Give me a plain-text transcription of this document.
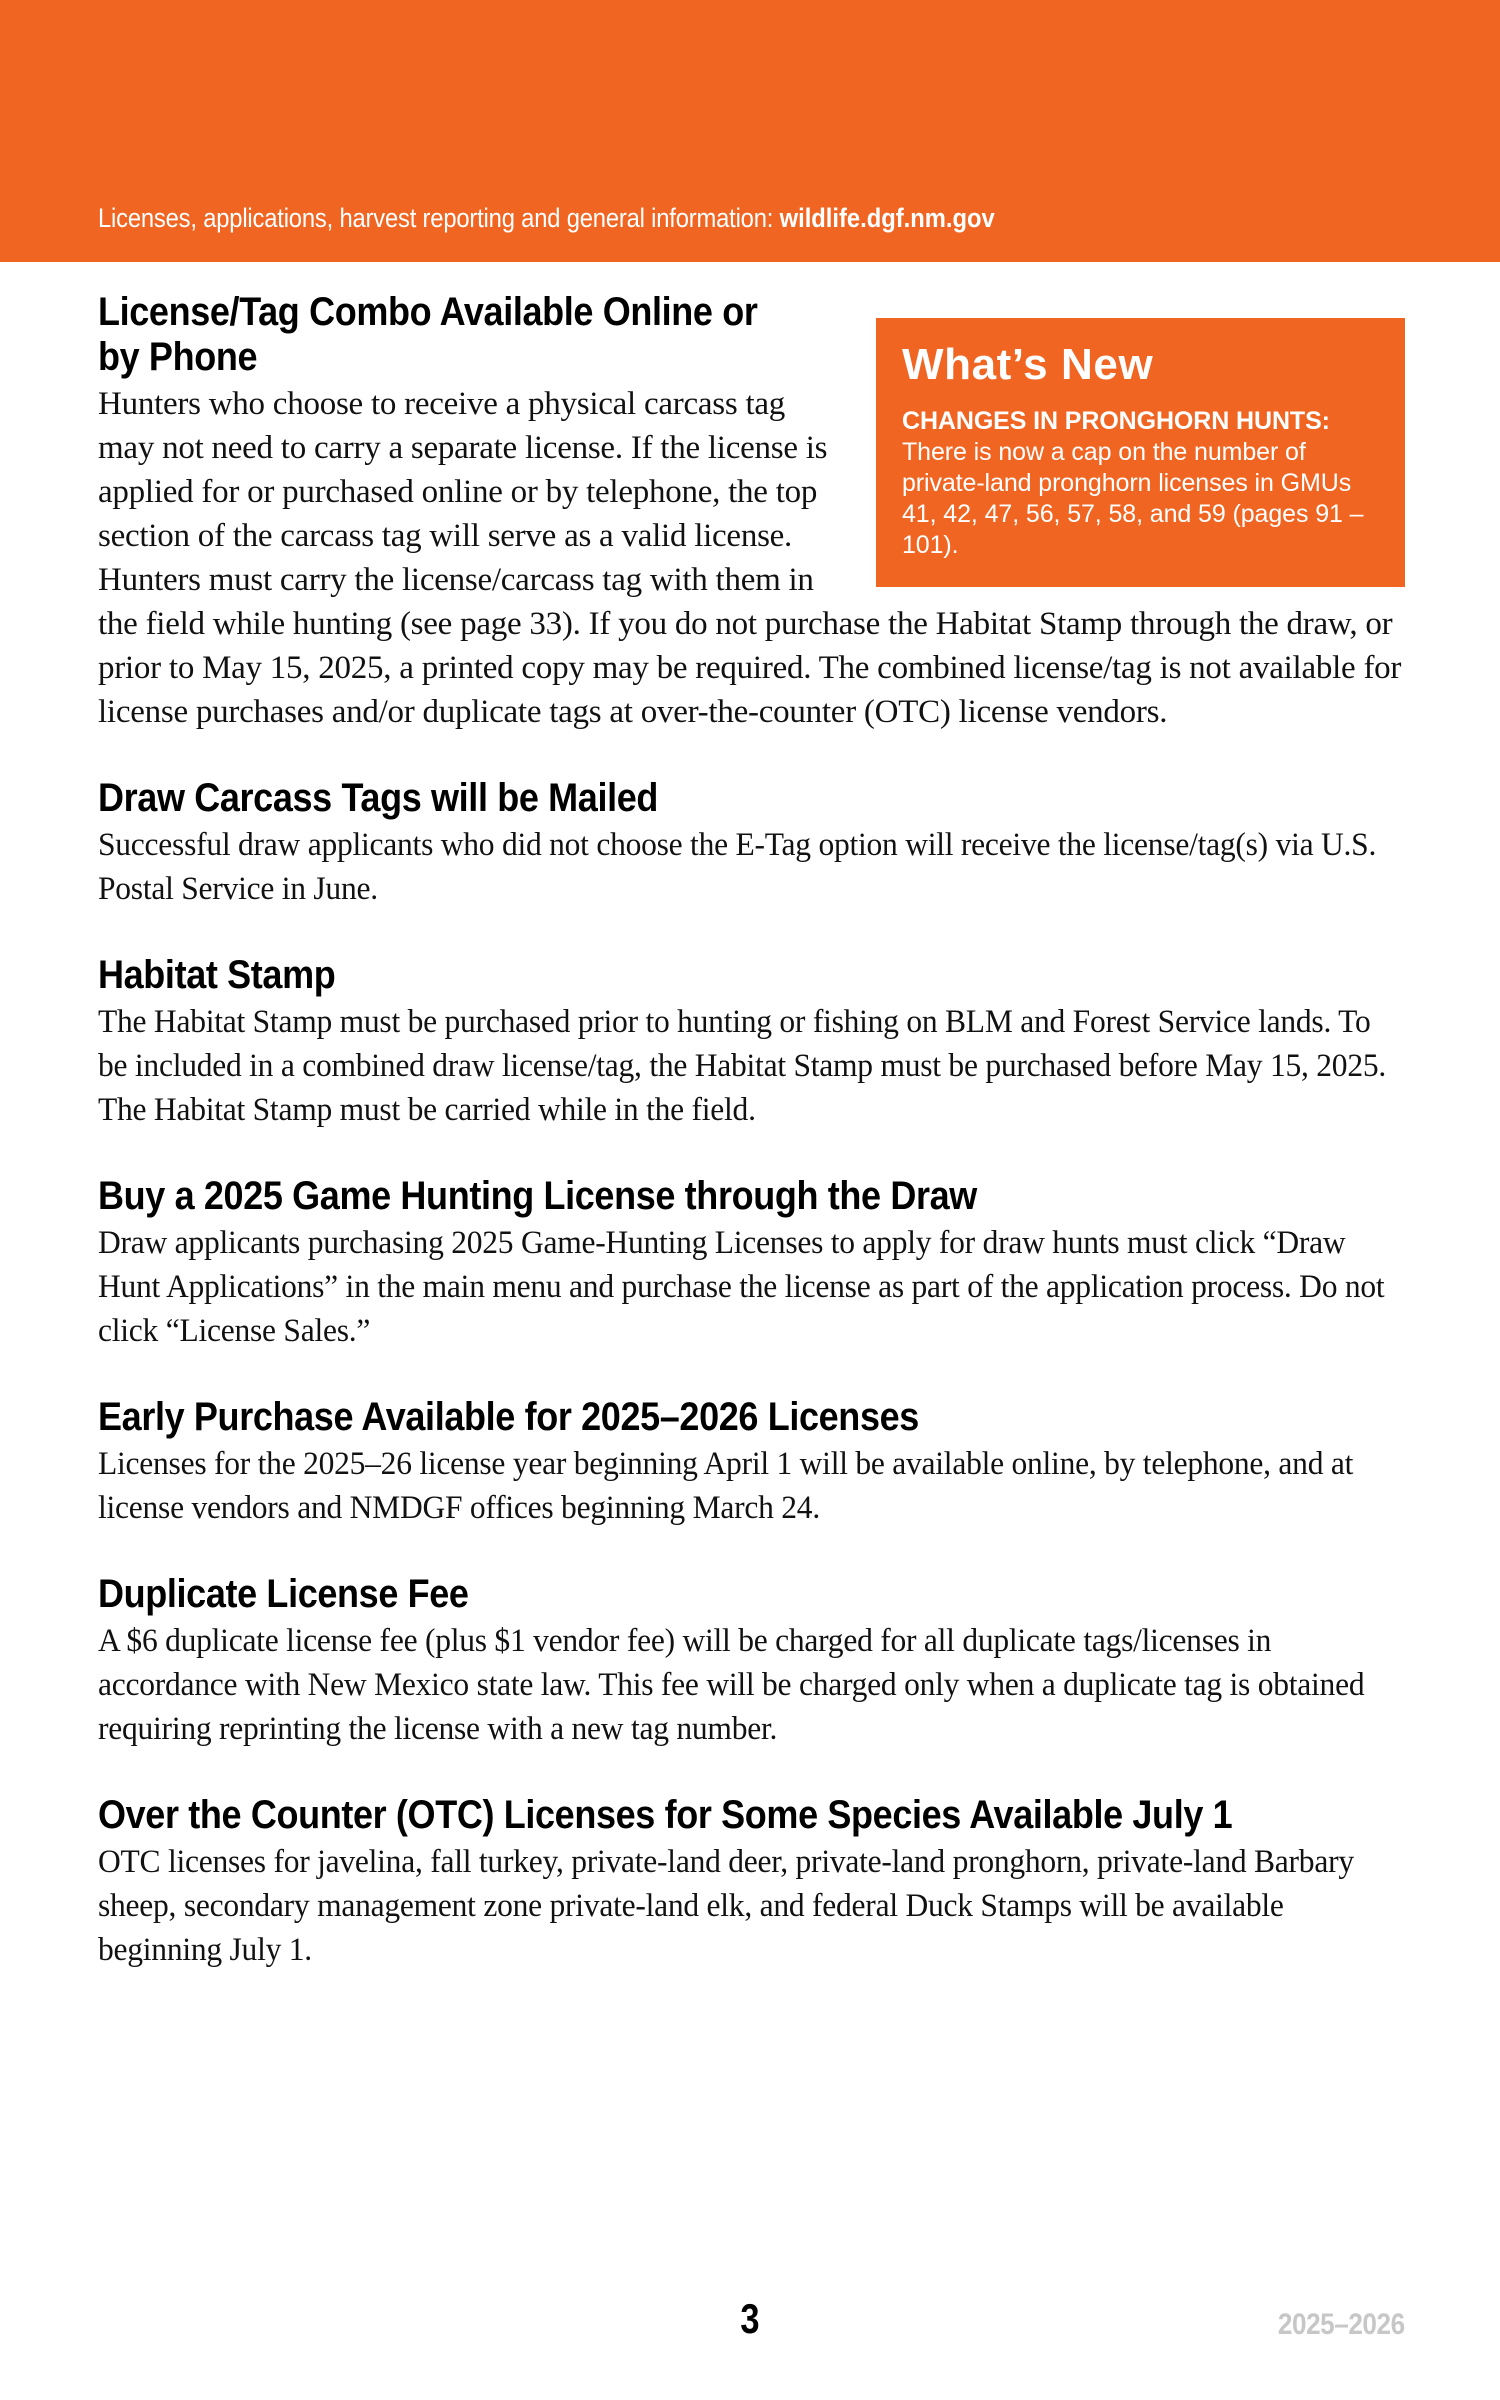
Licenses, applications, harvest reporting and general information: wildlife.dgf.nm.gov
What’s New
CHANGES IN PRONGHORN HUNTS: There is now a cap on the number of private-land pronghorn licenses in GMUs 41, 42, 47, 56, 57, 58, and 59 (pages 91 – 101).
License/Tag Combo Available Online or by Phone
Hunters who choose to receive a physical carcass tag may not need to carry a separate license. If the license is applied for or purchased online or by telephone, the top section of the carcass tag will serve as a valid license. Hunters must carry the license/carcass tag with them in the field while hunting (see page 33). If you do not purchase the Habitat Stamp through the draw, or prior to May 15, 2025, a printed copy may be required. The combined license/tag is not available for license purchases and/or duplicate tags at over-the-counter (OTC) license vendors.
Draw Carcass Tags will be Mailed

Successful draw applicants who did not choose the E-Tag option will receive the license/tag(s) via U.S. Postal Service in June.

Habitat Stamp

The Habitat Stamp must be purchased prior to hunting or fishing on BLM and Forest Service lands. To be included in a combined draw license/tag, the Habitat Stamp must be purchased before May 15, 2025. The Habitat Stamp must be carried while in the field.

Buy a 2025 Game Hunting License through the Draw

Draw applicants purchasing 2025 Game-Hunting Licenses to apply for draw hunts must click “Draw Hunt Applications” in the main menu and purchase the license as part of the application process. Do not click “License Sales.”

Early Purchase Available for 2025–2026 Licenses

Licenses for the 2025–26 license year beginning April 1 will be available online, by telephone, and at license vendors and NMDGF offices beginning March 24.

Duplicate License Fee

A $6 duplicate license fee (plus $1 vendor fee) will be charged for all duplicate tags/licenses in accordance with New Mexico state law. This fee will be charged only when a duplicate tag is obtained requiring reprinting the license with a new tag number.

Over the Counter (OTC) Licenses for Some Species Available July 1

OTC licenses for javelina, fall turkey, private-land deer, private-land pronghorn, private-land Barbary sheep, secondary management zone private-land elk, and federal Duck Stamps will be available beginning July 1.

3	2025–2026
